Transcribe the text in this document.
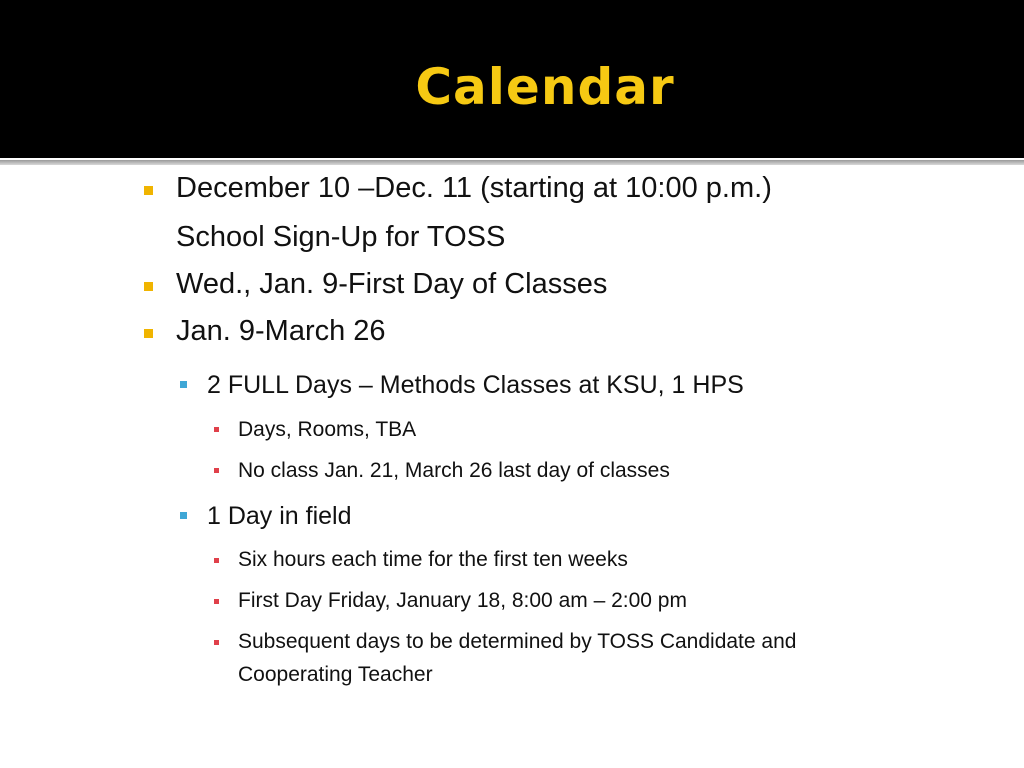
Calendar
December 10 –Dec. 11 (starting at 10:00 p.m.)
School Sign-Up for TOSS
Wed., Jan. 9-First Day of Classes
Jan. 9-March 26
2 FULL Days – Methods Classes at KSU, 1 HPS
Days, Rooms, TBA
No class Jan. 21, March 26 last day of classes
1 Day in field
Six hours each time for the first ten weeks
First Day Friday, January 18, 8:00 am – 2:00 pm
Subsequent days to be determined by TOSS Candidate and
Cooperating Teacher
